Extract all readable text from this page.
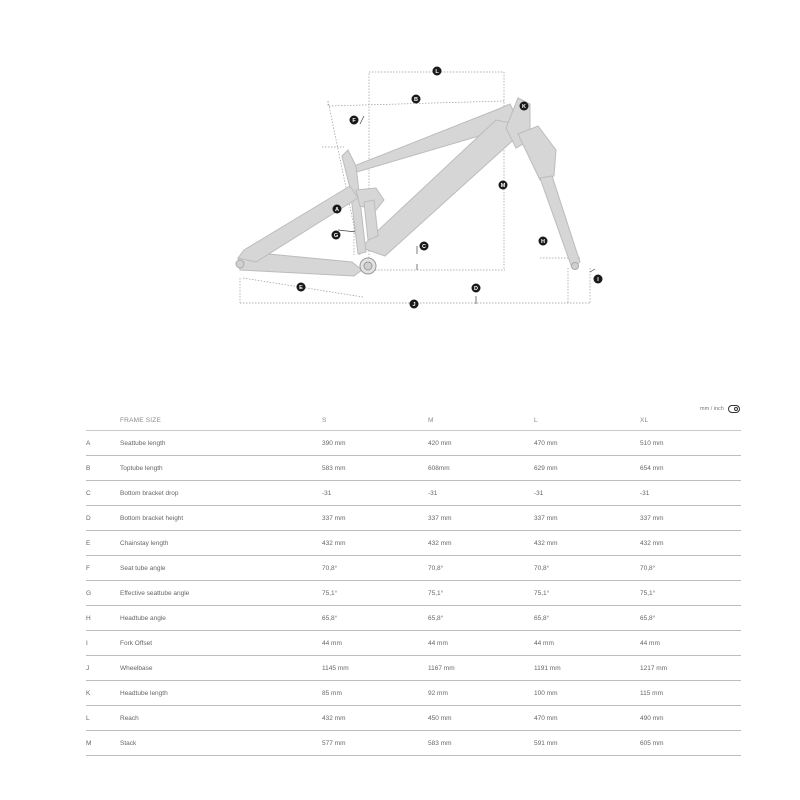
A
B
C
D
E
F
G
H
I
J
K
L
M
mm / inch
	FRAME SIZE	S	M	L	XL
A	Seattube length	390 mm	420 mm	470 mm	510 mm
B	Toptube length	583 mm	608mm	629 mm	654 mm
C	Bottom bracket drop	-31	-31	-31	-31
D	Bottom bracket height	337 mm	337 mm	337 mm	337 mm
E	Chainstay length	432 mm	432 mm	432 mm	432 mm
F	Seat tube angle	70,8°	70,8°	70,8°	70,8°
G	Effective seattube angle	75,1°	75,1°	75,1°	75,1°
H	Headtube angle	65,8°	65,8°	65,8°	65,8°
I	Fork Offset	44 mm	44 mm	44 mm	44 mm
J	Wheelbase	1145 mm	1167 mm	1191 mm	1217 mm
K	Headtube length	85 mm	92 mm	100 mm	115 mm
L	Reach	432 mm	450 mm	470 mm	490 mm
M	Stack	577 mm	583 mm	591 mm	605 mm
